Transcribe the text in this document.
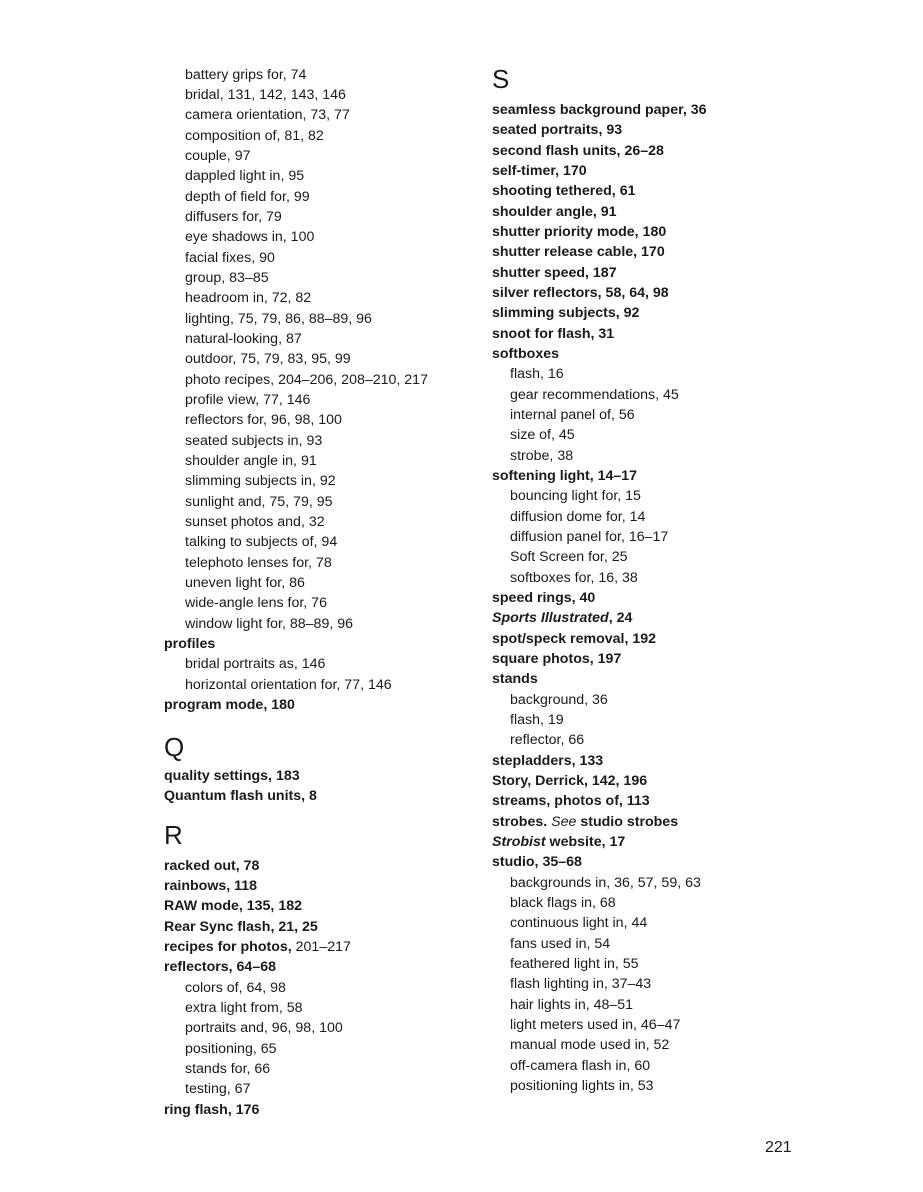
battery grips for, 74
bridal, 131, 142, 143, 146
camera orientation, 73, 77
composition of, 81, 82
couple, 97
dappled light in, 95
depth of field for, 99
diffusers for, 79
eye shadows in, 100
facial fixes, 90
group, 83–85
headroom in, 72, 82
lighting, 75, 79, 86, 88–89, 96
natural-looking, 87
outdoor, 75, 79, 83, 95, 99
photo recipes, 204–206, 208–210, 217
profile view, 77, 146
reflectors for, 96, 98, 100
seated subjects in, 93
shoulder angle in, 91
slimming subjects in, 92
sunlight and, 75, 79, 95
sunset photos and, 32
talking to subjects of, 94
telephoto lenses for, 78
uneven light for, 86
wide-angle lens for, 76
window light for, 88–89, 96
profiles
bridal portraits as, 146
horizontal orientation for, 77, 146
program mode, 180
Q
quality settings, 183
Quantum flash units, 8
R
racked out, 78
rainbows, 118
RAW mode, 135, 182
Rear Sync flash, 21, 25
recipes for photos, 201–217
reflectors, 64–68
colors of, 64, 98
extra light from, 58
portraits and, 96, 98, 100
positioning, 65
stands for, 66
testing, 67
ring flash, 176
S
seamless background paper, 36
seated portraits, 93
second flash units, 26–28
self-timer, 170
shooting tethered, 61
shoulder angle, 91
shutter priority mode, 180
shutter release cable, 170
shutter speed, 187
silver reflectors, 58, 64, 98
slimming subjects, 92
snoot for flash, 31
softboxes
flash, 16
gear recommendations, 45
internal panel of, 56
size of, 45
strobe, 38
softening light, 14–17
bouncing light for, 15
diffusion dome for, 14
diffusion panel for, 16–17
Soft Screen for, 25
softboxes for, 16, 38
speed rings, 40
Sports Illustrated, 24
spot/speck removal, 192
square photos, 197
stands
background, 36
flash, 19
reflector, 66
stepladders, 133
Story, Derrick, 142, 196
streams, photos of, 113
strobes. See studio strobes
Strobist website, 17
studio, 35–68
backgrounds in, 36, 57, 59, 63
black flags in, 68
continuous light in, 44
fans used in, 54
feathered light in, 55
flash lighting in, 37–43
hair lights in, 48–51
light meters used in, 46–47
manual mode used in, 52
off-camera flash in, 60
positioning lights in, 53
221
